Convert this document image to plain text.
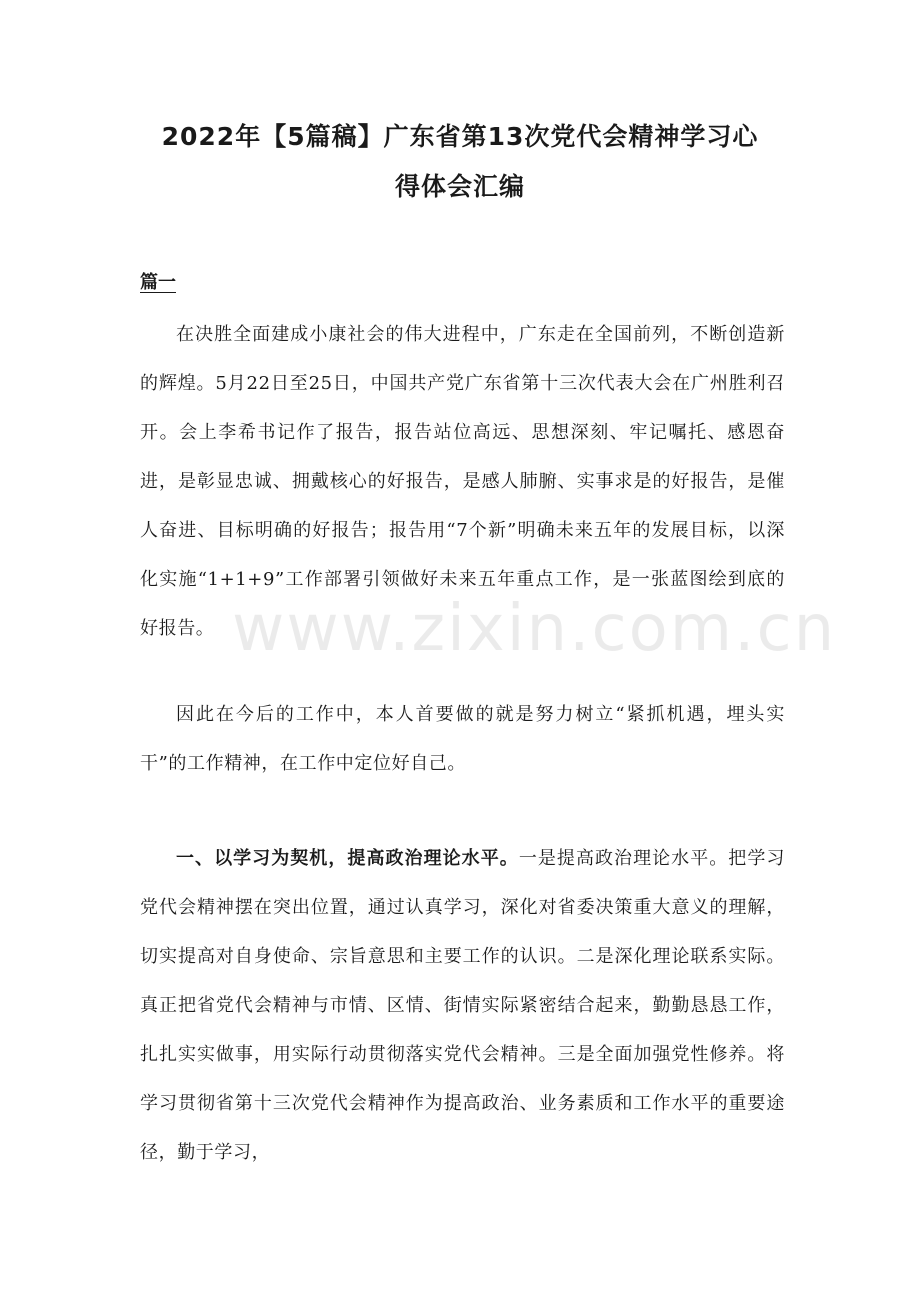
2022年【5篇稿】广东省第13次党代会精神学习心
得体会汇编
篇一

在决胜全面建成小康社会的伟大进程中，广东走在全国前列，不断创造新的辉煌。5月22日至25日，中国共产党广东省第十三次代表大会在广州胜利召开。会上李希书记作了报告，报告站位高远、思想深刻、牢记嘱托、感恩奋进，是彰显忠诚、拥戴核心的好报告，是感人肺腑、实事求是的好报告，是催人奋进、目标明确的好报告；报告用“7个新”明确未来五年的发展目标，以深化实施“1+1+9”工作部署引领做好未来五年重点工作，是一张蓝图绘到底的好报告。

因此在今后的工作中，本人首要做的就是努力树立“紧抓机遇，埋头实干”的工作精神，在工作中定位好自己。

一、以学习为契机，提高政治理论水平。一是提高政治理论水平。把学习党代会精神摆在突出位置，通过认真学习，深化对省委决策重大意义的理解，切实提高对自身使命、宗旨意思和主要工作的认识。二是深化理论联系实际。真正把省党代会精神与市情、区情、街情实际紧密结合起来，勤勤恳恳工作，扎扎实实做事，用实际行动贯彻落实党代会精神。三是全面加强党性修养。将学习贯彻省第十三次党代会精神作为提高政治、业务素质和工作水平的重要途径，勤于学习，

www.zixin.com.cn
